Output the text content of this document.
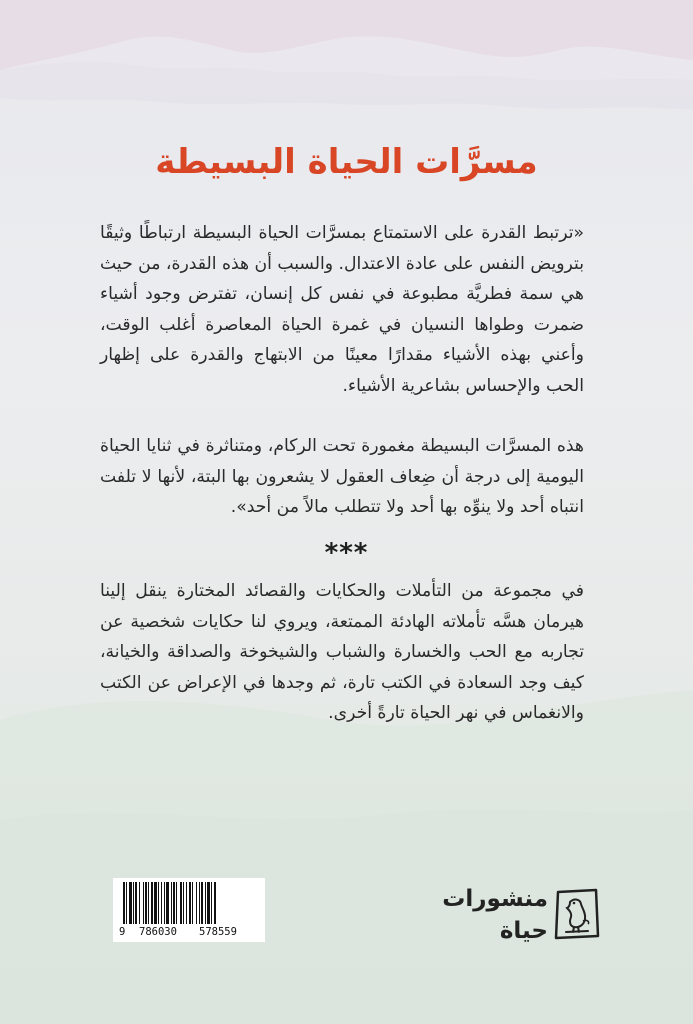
مسرَّات الحياة البسيطة

«ترتبط القدرة على الاستمتاع بمسرَّات الحياة البسيطة ارتباطًا وثيقًا بترويض النفس على عادة الاعتدال. والسبب أن هذه القدرة، من حيث هي سمة فطريَّة مطبوعة في نفس كل إنسان، تفترض وجود أشياء ضمرت وطواها النسيان في غمرة الحياة المعاصرة أغلب الوقت، وأعني بهذه الأشياء مقدارًا معينًا من الابتهاج والقدرة على إظهار الحب والإحساس بشاعرية الأشياء.

هذه المسرَّات البسيطة مغمورة تحت الركام، ومتناثرة في ثنايا الحياة اليومية إلى درجة أن ضِعاف العقول لا يشعرون بها البتة، لأنها لا تلفت انتباه أحد ولا ينوِّه بها أحد ولا تتطلب مالاً من أحد».

***

في مجموعة من التأملات والحكايات والقصائد المختارة ينقل إلينا هيرمان هسَّه تأملاته الهادئة الممتعة، ويروي لنا حكايات شخصية عن تجاربه مع الحب والخسارة والشباب والشيخوخة والصداقة والخيانة، كيف وجد السعادة في الكتب تارة، ثم وجدها في الإعراض عن الكتب والانغماس في نهر الحياة تارةً أخرى.

9 786030 578559
منشورات
حياة
